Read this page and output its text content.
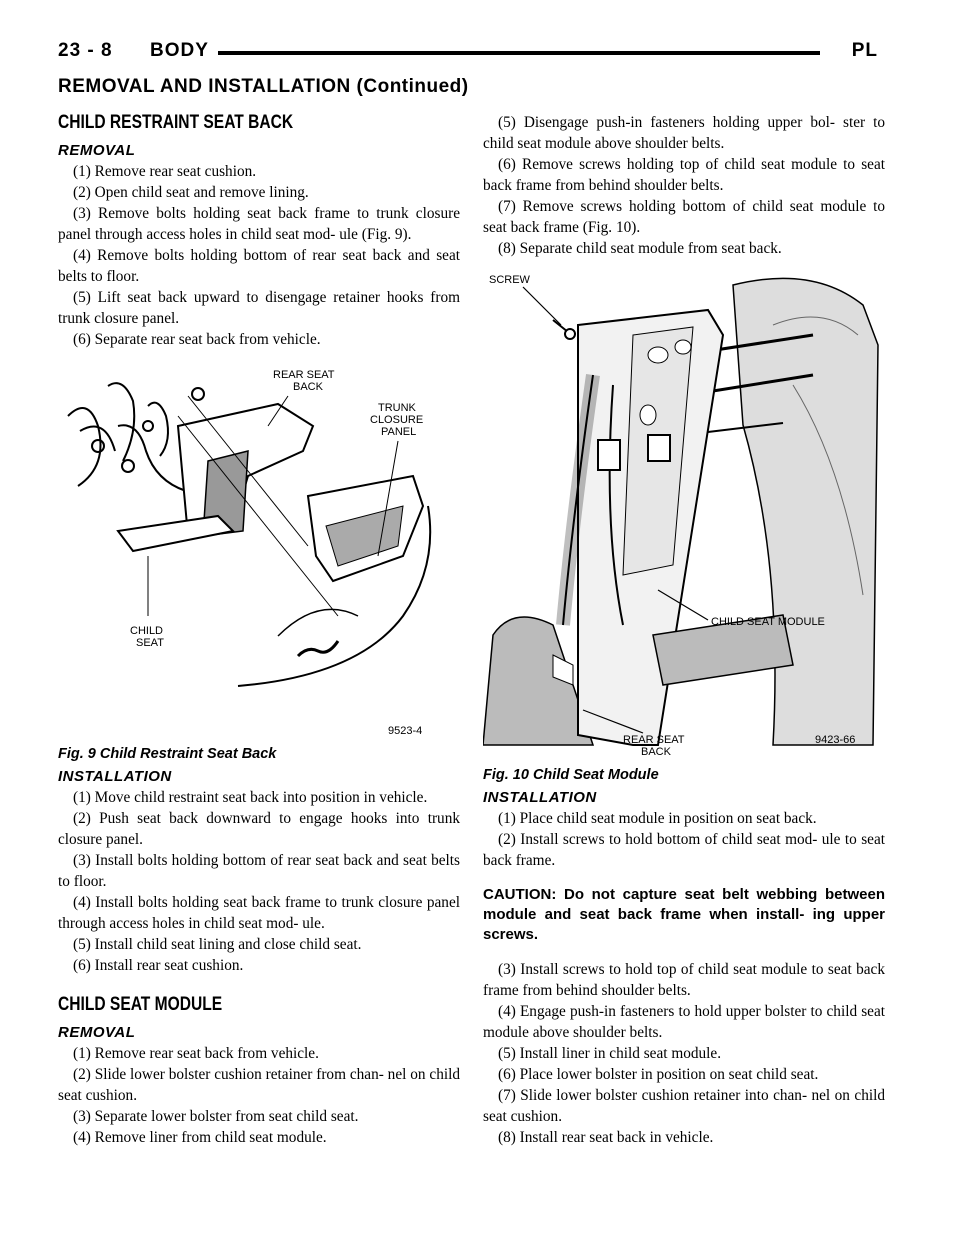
23 - 8 BODY	PL
REMOVAL AND INSTALLATION (Continued)
CHILD RESTRAINT SEAT BACK
REMOVAL

(1) Remove rear seat cushion.

(2) Open child seat and remove lining.

(3) Remove bolts holding seat back frame to trunk closure panel through access holes in child seat mod- ule (Fig. 9).

(4) Remove bolts holding bottom of rear seat back and seat belts to floor.

(5) Lift seat back upward to disengage retainer hooks from trunk closure panel.

(6) Separate rear seat back from vehicle.

REAR SEAT
BACK
TRUNK
CLOSURE
PANEL
CHILD
SEAT
9523-4
Fig. 9 Child Restraint Seat Back
INSTALLATION

(1) Move child restraint seat back into position in vehicle.

(2) Push seat back downward to engage hooks into trunk closure panel.

(3) Install bolts holding bottom of rear seat back and seat belts to floor.

(4) Install bolts holding seat back frame to trunk closure panel through access holes in child seat mod- ule.

(5) Install child seat lining and close child seat.

(6) Install rear seat cushion.

CHILD SEAT MODULE
REMOVAL

(1) Remove rear seat back from vehicle.

(2) Slide lower bolster cushion retainer from chan- nel on child seat cushion.

(3) Separate lower bolster from seat child seat.

(4) Remove liner from child seat module.

(5) Disengage push-in fasteners holding upper bol- ster to child seat module above shoulder belts.

(6) Remove screws holding top of child seat module to seat back frame from behind shoulder belts.

(7) Remove screws holding bottom of child seat module to seat back frame (Fig. 10).

(8) Separate child seat module from seat back.

SCREW
CHILD SEAT MODULE
REAR SEAT
BACK
9423-66
Fig. 10 Child Seat Module
INSTALLATION

(1) Place child seat module in position on seat back.

(2) Install screws to hold bottom of child seat mod- ule to seat back frame.

CAUTION: Do not capture seat belt webbing between module and seat back frame when install- ing upper screws.

(3) Install screws to hold top of child seat module to seat back frame from behind shoulder belts.

(4) Engage push-in fasteners to hold upper bolster to child seat module above shoulder belts.

(5) Install liner in child seat module.

(6) Place lower bolster in position on seat child seat.

(7) Slide lower bolster cushion retainer into chan- nel on child seat cushion.

(8) Install rear seat back in vehicle.
